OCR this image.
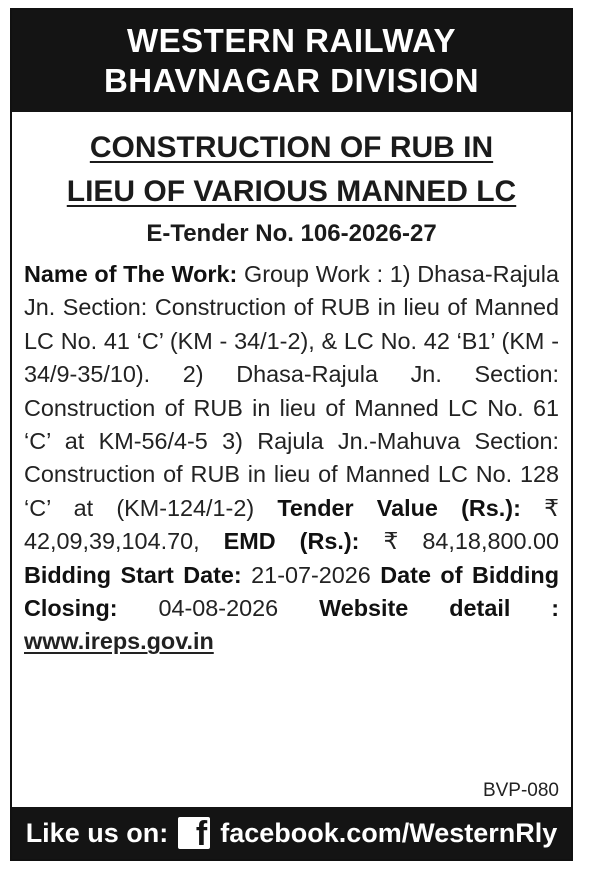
WESTERN RAILWAY
BHAVNAGAR DIVISION
CONSTRUCTION OF RUB IN
LIEU OF VARIOUS MANNED LC
E-Tender No. 106-2026-27
Name of The Work: Group Work : 1) Dhasa-Rajula Jn. Section: Construction of RUB in lieu of Manned LC No. 41 ‘C’ (KM - 34/1-2), & LC No. 42 ‘B1’ (KM - 34/9-35/10). 2) Dhasa-Rajula Jn. Section: Construction of RUB in lieu of Manned LC No. 61 ‘C’ at KM-56/4-5 3) Rajula Jn.-Mahuva Section: Construction of RUB in lieu of Manned LC No. 128 ‘C’ at (KM-124/1-2) Tender Value (Rs.): ₹ 42,09,39,104.70, EMD (Rs.): ₹ 84,18,800.00 Bidding Start Date: 21-07-2026 Date of Bidding Closing: 04-08-2026 Website detail : www.ireps.gov.in
BVP-080
Like us on: f facebook.com/WesternRly
